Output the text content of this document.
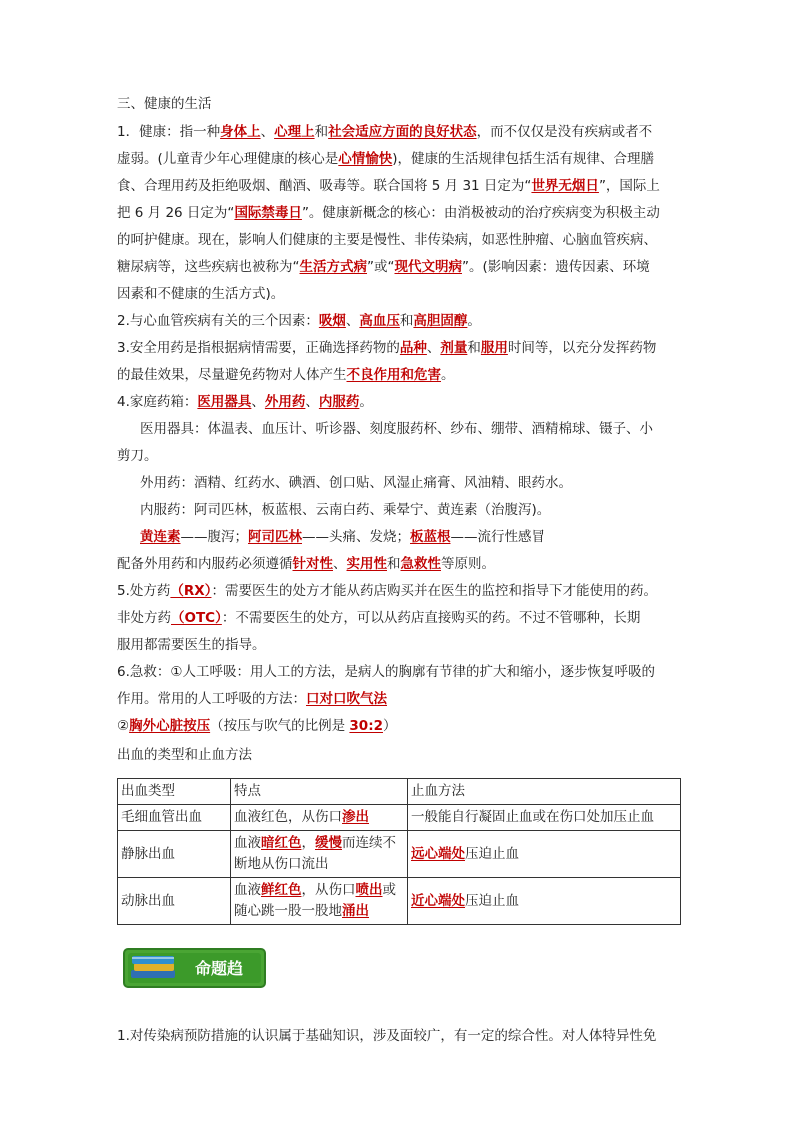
三、健康的生活
1．健康：指一种身体上、心理上和社会适应方面的良好状态，而不仅仅是没有疾病或者不
虚弱。(儿童青少年心理健康的核心是心情愉快)，健康的生活规律包括生活有规律、合理膳
食、合理用药及拒绝吸烟、酗酒、吸毒等。联合国将 5 月 31 日定为“世界无烟日”，国际上
把 6 月 26 日定为“国际禁毒日”。健康新概念的核心：由消极被动的治疗疾病变为积极主动
的呵护健康。现在，影响人们健康的主要是慢性、非传染病，如恶性肿瘤、心脑血管疾病、
糖尿病等，这些疾病也被称为“生活方式病”或“现代文明病”。(影响因素：遗传因素、环境
因素和不健康的生活方式)。
2.与心血管疾病有关的三个因素：吸烟、高血压和高胆固醇。
3.安全用药是指根据病情需要，正确选择药物的品种、剂量和服用时间等，以充分发挥药物
的最佳效果，尽量避免药物对人体产生不良作用和危害。
4.家庭药箱：医用器具、外用药、内服药。
医用器具：体温表、血压计、听诊器、刻度服药杯、纱布、绷带、酒精棉球、镊子、小
剪刀。
外用药：酒精、红药水、碘酒、创口贴、风湿止痛膏、风油精、眼药水。
内服药：阿司匹林，板蓝根、云南白药、乘晕宁、黄连素（治腹泻)。
黄连素——腹泻；阿司匹林——头痛、发烧；板蓝根——流行性感冒
配备外用药和内服药必须遵循针对性、实用性和急救性等原则。
5.处方药（RX）：需要医生的处方才能从药店购买并在医生的监控和指导下才能使用的药。
非处方药（OTC）：不需要医生的处方，可以从药店直接购买的药。不过不管哪种，长期
服用都需要医生的指导。
6.急救：①人工呼吸：用人工的方法，是病人的胸廓有节律的扩大和缩小，逐步恢复呼吸的
作用。常用的人工呼吸的方法：口对口吹气法
②胸外心脏按压（按压与吹气的比例是 30:2）
出血的类型和止血方法
出血类型	特点	止血方法
毛细血管出血	血液红色，从伤口渗出	一般能自行凝固止血或在伤口处加压止血
静脉出血	血液暗红色，缓慢而连续不
断地从伤口流出	远心端处压迫止血
动脉出血	血液鲜红色，从伤口喷出或
随心跳一股一股地涌出	近心端处压迫止血
命题趋
1.对传染病预防措施的认识属于基础知识，涉及面较广，有一定的综合性。对人体特异性免
